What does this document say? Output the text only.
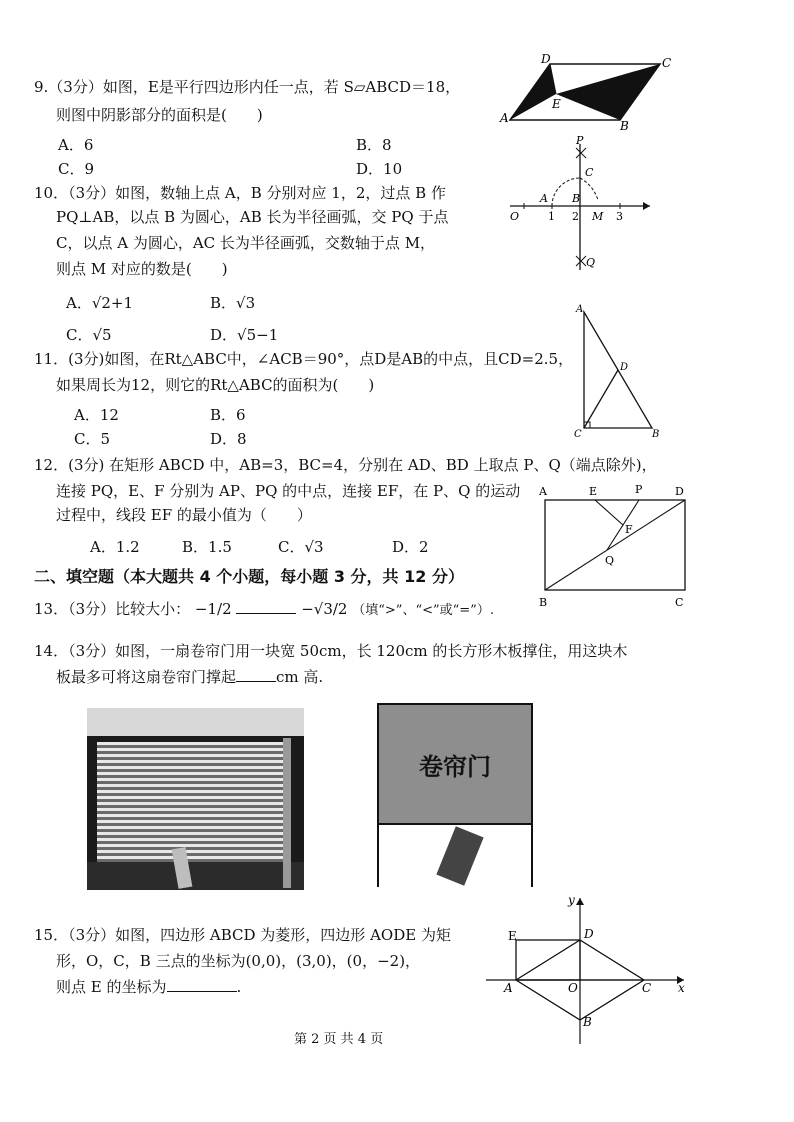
9.（3分）如图，E是平行四边形内任一点，若 S▱ABCD＝18，
则图中阴影部分的面积是(　　)
A．6	B．8
C．9	D．10
D	C
A
E
B
10．（3分）如图，数轴上点 A，B 分别对应 1，2，过点 B 作
PQ⊥AB，以点 B 为圆心，AB 长为半径画弧，交 PQ 于点
C，以点 A 为圆心，AC 长为半径画弧，交数轴于点 M，
则点 M 对应的数是(　　)
A．√2+1	B．√3
C．√5	D．√5−1
P
C
A B
O	1 2 M 3
Q
11．(3分)如图，在Rt△ABC中，∠ACB＝90°，点D是AB的中点，且CD=2.5，
如果周长为12，则它的Rt△ABC的面积为(　　)
A．12	B．6
C．5	D．8
A
D
C	B
12．(3分) 在矩形 ABCD 中，AB=3，BC=4，分别在 AD、BD 上取点 P、Q（端点除外)，
连接 PQ，E、F 分别为 AP、PQ 的中点，连接 EF，在 P、Q 的运动
过程中，线段 EF 的最小值为（　　）
A．1.2	B．1.5	C．√3	D．2
A	E	P	D
F
Q
B	C
二、填空题（本大题共 4 个小题，每小题 3 分，共 12 分）
13．（3分）比较大小： −1/2	−√3/2 （填“>”、“<”或“=”）.
14．（3分）如图，一扇卷帘门用一块宽 50cm，长 120cm 的长方形木板撑住，用这块木
板最多可将这扇卷帘门撑起	cm 高.
卷帘门
15．（3分）如图，四边形 ABCD 为菱形，四边形 AODE 为矩
形，O，C，B 三点的坐标为(0,0)，(3,0)，(0，−2)，
则点 E 的坐标为	.
y
E	D
A	O	C x
B
第 2 页 共 4 页
